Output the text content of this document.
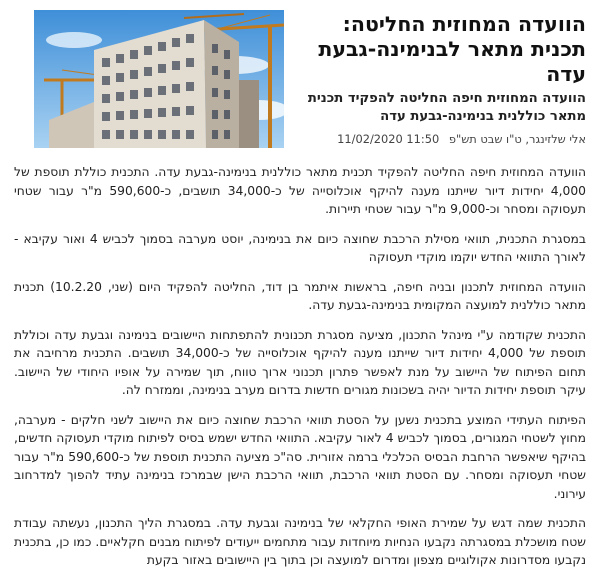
הוועדה המחוזית החליטה: תכנית מתאר לבנימינה-גבעת עדה
הוועדה המחוזית חיפה החליטה להפקיד תכנית מתאר כוללנית בנימינה-גבעת עדה
אלי שלזינגר, ט"ו שבט תש"פ 11:50 11/02/2020

הוועדה המחוזית חיפה החליטה להפקיד תכנית מתאר כוללנית בנימינה-גבעת עדה. התכנית כוללת תוספת של 4,000 יחידות דיור שייתנו מענה להיקף אוכלוסייה של כ-34,000 תושבים, כ-590,600 מ"ר עבור שטחי תעסוקה ומסחר וכ-9,000 מ"ר עבור שטחי תיירות.

במסגרת התכנית, תוואי מסילת הרכבת שחוצה כיום את בנימינה, יוסט מערבה בסמוך לכביש 4 ואור עקיבא - לאורך התוואי החדש יוקמו מוקדי תעסוקה

הוועדה המחוזית לתכנון ובניה חיפה, בראשות איתמר בן דוד, החליטה להפקיד היום (שני, 10.2.20) תכנית מתאר כוללנית למועצה המקומית בנימינה-גבעת עדה.

התכנית שקודמה ע"י מינהל התכנון, מציעה מסגרת תכנונית להתפתחות היישובים בנימינה וגבעת עדה וכוללת תוספת של 4,000 יחידות דיור שייתנו מענה להיקף אוכלוסייה של כ-34,000 תושבים. התכנית מרחיבה את תחום הפיתוח של היישוב על מנת לאפשר פתרון תכנוני ארוך טווח, תוך שמירה על אופיו היחודי של היישוב. עיקר תוספת יחידות הדיור יהיה בשכונות מגורים חדשות בדרום מערב בנימינה, וממזרח לה.

הפיתוח העתידי המוצע בתכנית נשען על הסטת תוואי הרכבת שחוצה כיום את היישוב לשני חלקים - מערבה, מחוץ לשטחי המגורים, בסמוך לכביש 4 לאור עקיבא. התוואי החדש ישמש בסיס לפיתוח מוקדי תעסוקה חדשים, בהיקף שיאפשר הרחבת הבסיס הכלכלי ברמה אזורית. סה"כ מציעה התכנית תוספת של כ-590,600 מ"ר עבור שטחי תעסוקה ומסחר. עם הסטת תוואי הרכבת, תוואי הרכבת הישן שבמרכז בנימינה עתיד להפוך למדרחוב עירוני.

התכנית שמה דגש על שמירת האופי החקלאי של בנימינה וגבעת עדה. במסגרת הליך התכנון, נעשתה עבודת שטח מושכלת במסגרתה נקבעו הנחיות מיוחדות עבור מתחמים ייעודים לפיתוח מבנים חקלאיים. כמו כן, בתכנית נקבעו מסדרונות אקולוגיים מצפון ומדרום למועצה וכן בתוך בין היישובים באזור בקעת
